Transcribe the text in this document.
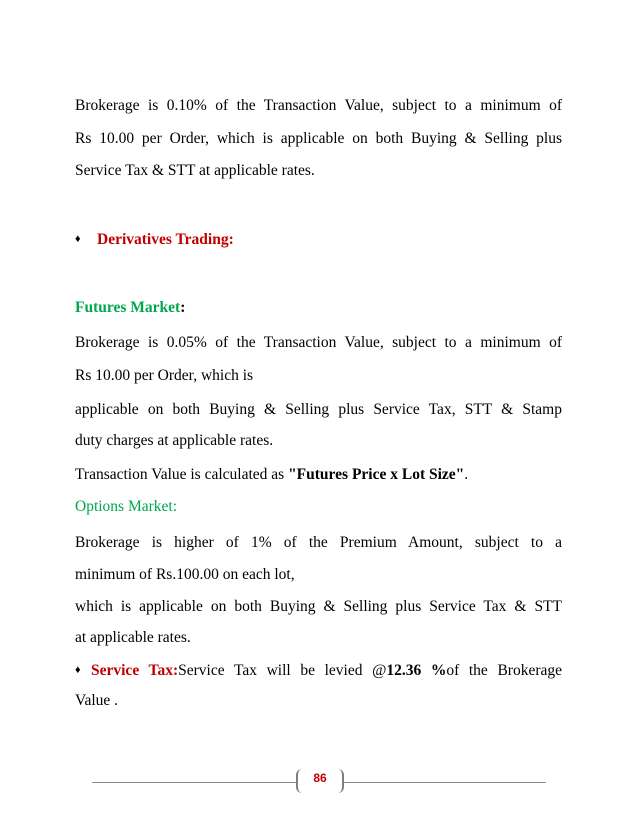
Brokerage is 0.10% of the Transaction Value, subject to a minimum of
Rs 10.00 per Order, which is applicable on both Buying & Selling plus
Service Tax & STT at applicable rates.
♦ Derivatives Trading:
Futures Market:
Brokerage is 0.05% of the Transaction Value, subject to a minimum of
Rs 10.00 per Order, which is
applicable on both Buying & Selling plus Service Tax, STT & Stamp
duty charges at applicable rates.
Transaction Value is calculated as "Futures Price x Lot Size".
Options Market:
Brokerage is higher of 1% of the Premium Amount, subject to a
minimum of Rs.100.00 on each lot,
which is applicable on both Buying & Selling plus Service Tax & STT
at applicable rates.
♦ Service Tax:Service Tax will be levied @12.36 %of the Brokerage
Value .
86
